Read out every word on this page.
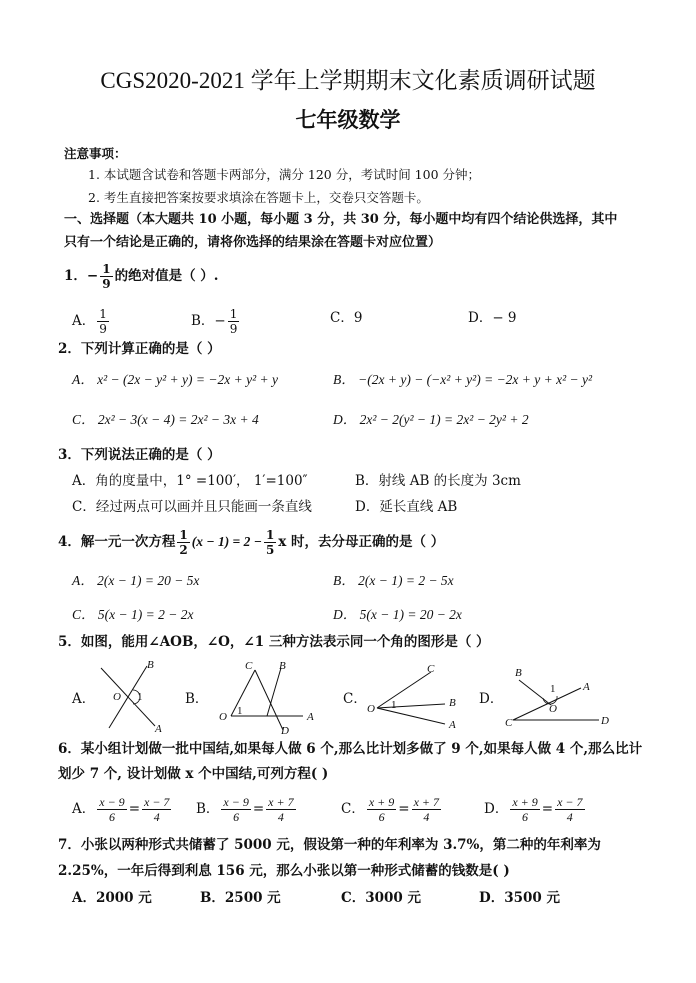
CGS2020-2021 学年上学期期末文化素质调研试题
七年级数学
注意事项：
1. 本试题含试卷和答题卡两部分，满分 120 分，考试时间 100 分钟；
2. 考生直接把答案按要求填涂在答题卡上，交卷只交答题卡。
一、选择题（本大题共 10 小题，每小题 3 分，共 30 分，每小题中均有四个结论供选择，其中
只有一个结论是正确的，请将你选择的结果涂在答题卡对应位置）
1．− $\frac{1}{9}$ 的绝对值是（ ）.
A． $\frac{1}{9}$	B．− $\frac{1}{9}$	C．9	D．− 9
2．下列计算正确的是（ ）
A． x² − (2x − y² + y) = −2x + y² + y	B． −(2x + y) − (−x² + y²) = −2x + y + x² − y²
C． 2x² − 3(x − 4) = 2x² − 3x + 4	D． 2x² − 2(y² − 1) = 2x² − 2y² + 2
3．下列说法正确的是（ ）
A．角的度量中，1° =100′， 1′=100″	B．射线 AB 的长度为 3cm
C．经过两点可以画并且只能画一条直线	D．延长直线 AB
4．解一元一次方程 $\frac{1}{2} (x - 1) = 2 - \frac{1}{5}$ x 时，去分母正确的是（ ）
A． 2(x − 1) = 20 − 5x	B． 2(x − 1) = 2 − 5x
C． 5(x − 1) = 2 − 2x	D． 5(x − 1) = 20 − 2x
5．如图，能用∠AOB，∠O，∠1 三种方法表示同一个角的图形是（ ）
A．	B．	C．	D．
B
O 1
A
C B
O 1	A
D
C
B
A
O 1
B
1	A
O
C	D
6．某小组计划做一批中国结,如果每人做 6 个,那么比计划多做了 9 个,如果每人做 4 个,那么比计
划少 7 个, 设计划做 x 个中国结,可列方程( )
A． $\frac{x - 9}{6} = \frac{x - 7}{4}$ B． $\frac{x - 9}{6} = \frac{x + 7}{4}$	C． $\frac{x + 9}{6} = \frac{x + 7}{4}$	D． $\frac{x + 9}{6} = \frac{x - 7}{4}$
7．小张以两种形式共储蓄了 5000 元，假设第一种的年利率为 3.7%，第二种的年利率为
2.25%，一年后得到利息 156 元，那么小张以第一种形式储蓄的钱数是( )
A．2000 元	B．2500 元	C．3000 元	D．3500 元
